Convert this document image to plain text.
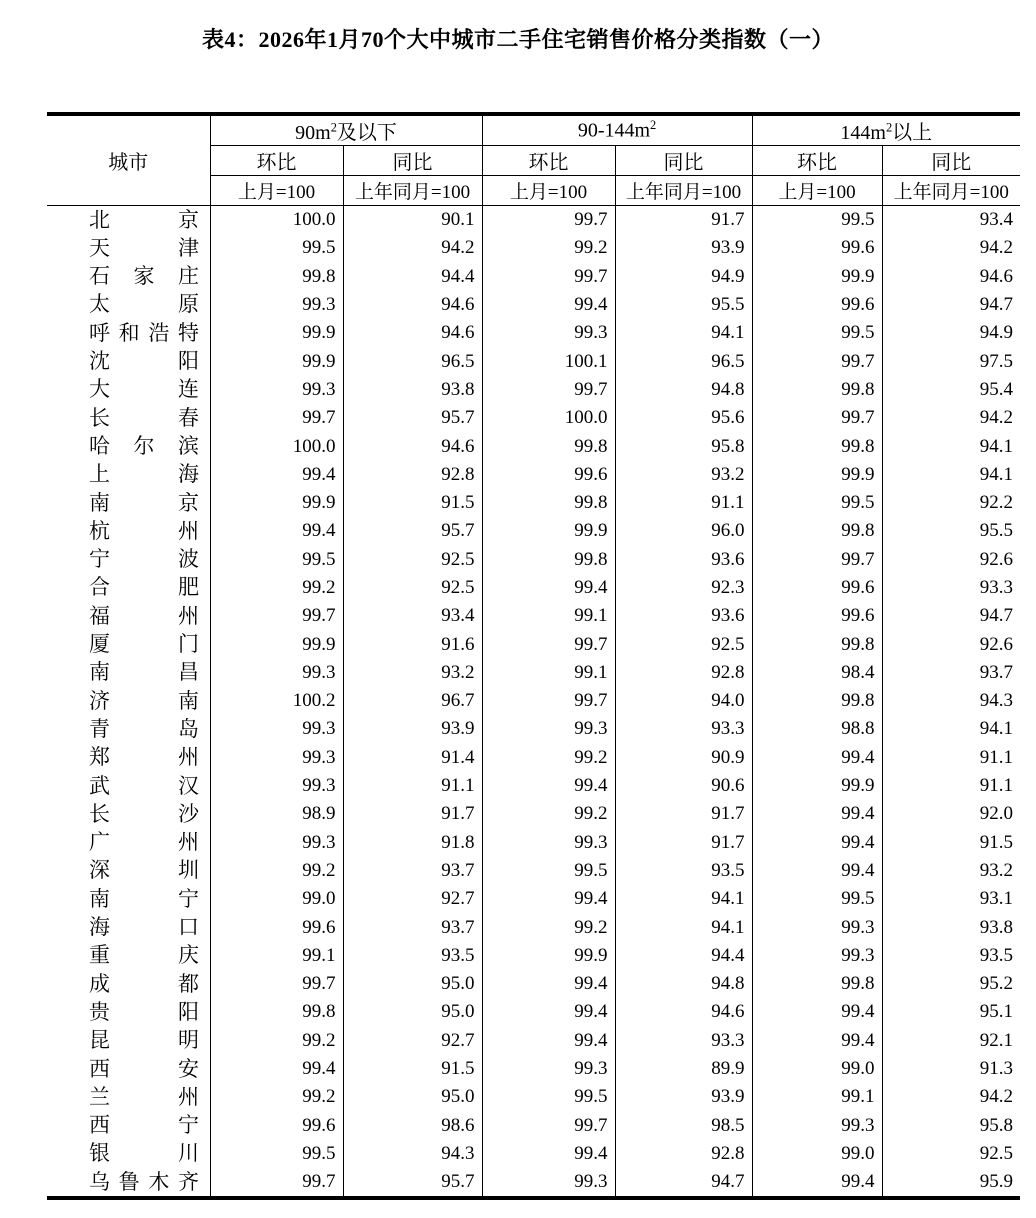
表4：2026年1月70个大中城市二手住宅销售价格分类指数（一）
城市	$90m^2$及以下		$90-144m^2$		$144m^2$以上	
	环比	同比	环比	同比	环比	同比
	上月=100	上年同月=100	上月=100	上年同月=100	上月=100	上年同月=100
北京	100.0	90.1	99.7	91.7	99.5	93.4
天津	99.5	94.2	99.2	93.9	99.6	94.2
石家庄	99.8	94.4	99.7	94.9	99.9	94.6
太原	99.3	94.6	99.4	95.5	99.6	94.7
呼和浩特	99.9	94.6	99.3	94.1	99.5	94.9
沈阳	99.9	96.5	100.1	96.5	99.7	97.5
大连	99.3	93.8	99.7	94.8	99.8	95.4
长春	99.7	95.7	100.0	95.6	99.7	94.2
哈尔滨	100.0	94.6	99.8	95.8	99.8	94.1
上海	99.4	92.8	99.6	93.2	99.9	94.1
南京	99.9	91.5	99.8	91.1	99.5	92.2
杭州	99.4	95.7	99.9	96.0	99.8	95.5
宁波	99.5	92.5	99.8	93.6	99.7	92.6
合肥	99.2	92.5	99.4	92.3	99.6	93.3
福州	99.7	93.4	99.1	93.6	99.6	94.7
厦门	99.9	91.6	99.7	92.5	99.8	92.6
南昌	99.3	93.2	99.1	92.8	98.4	93.7
济南	100.2	96.7	99.7	94.0	99.8	94.3
青岛	99.3	93.9	99.3	93.3	98.8	94.1
郑州	99.3	91.4	99.2	90.9	99.4	91.1
武汉	99.3	91.1	99.4	90.6	99.9	91.1
长沙	98.9	91.7	99.2	91.7	99.4	92.0
广州	99.3	91.8	99.3	91.7	99.4	91.5
深圳	99.2	93.7	99.5	93.5	99.4	93.2
南宁	99.0	92.7	99.4	94.1	99.5	93.1
海口	99.6	93.7	99.2	94.1	99.3	93.8
重庆	99.1	93.5	99.9	94.4	99.3	93.5
成都	99.7	95.0	99.4	94.8	99.8	95.2
贵阳	99.8	95.0	99.4	94.6	99.4	95.1
昆明	99.2	92.7	99.4	93.3	99.4	92.1
西安	99.4	91.5	99.3	89.9	99.0	91.3
兰州	99.2	95.0	99.5	93.9	99.1	94.2
西宁	99.6	98.6	99.7	98.5	99.3	95.8
银川	99.5	94.3	99.4	92.8	99.0	92.5
乌鲁木齐	99.7	95.7	99.3	94.7	99.4	95.9
